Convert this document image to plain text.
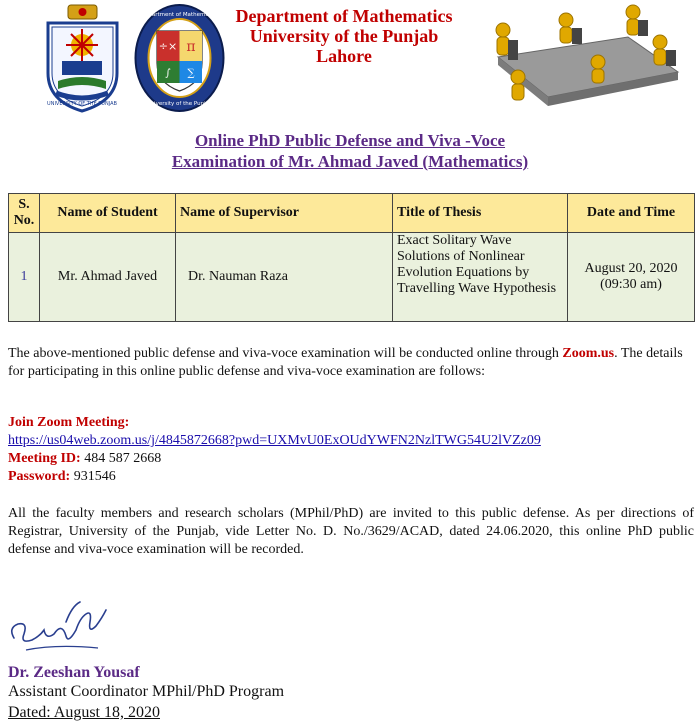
UNIVERSITY OF THE PUNJAB
÷× π
∫ ∑
Department of Mathematics
University of the Punjab
Department of Mathematics
University of the Punjab
Lahore
Online PhD Public Defense and Viva -Voce
Examination of Mr. Ahmad Javed (Mathematics)
S. No.	Name of Student	Name of Supervisor	Title of Thesis	Date and Time
1	Mr. Ahmad Javed	Dr. Nauman Raza	Exact Solitary Wave Solutions of Nonlinear Evolution Equations by Travelling Wave Hypothesis	August 20, 2020
(09:30 am)
The above-mentioned public defense and viva-voce examination will be conducted online through Zoom.us. The details for participating in this online public defense and viva-voce examination are follows:
Join Zoom Meeting:
https://us04web.zoom.us/j/4845872668?pwd=UXMvU0ExOUdYWFN2NzlTWG54U2lVZz09
Meeting ID: 484 587 2668
Password: 931546
All the faculty members and research scholars (MPhil/PhD) are invited to this public defense. As per directions of Registrar, University of the Punjab, vide Letter No. D. No./3629/ACAD, dated 24.06.2020, this online PhD public defense and viva-voce examination will be recorded.
Dr. Zeeshan Yousaf
Assistant Coordinator MPhil/PhD Program
Dated: August 18, 2020
